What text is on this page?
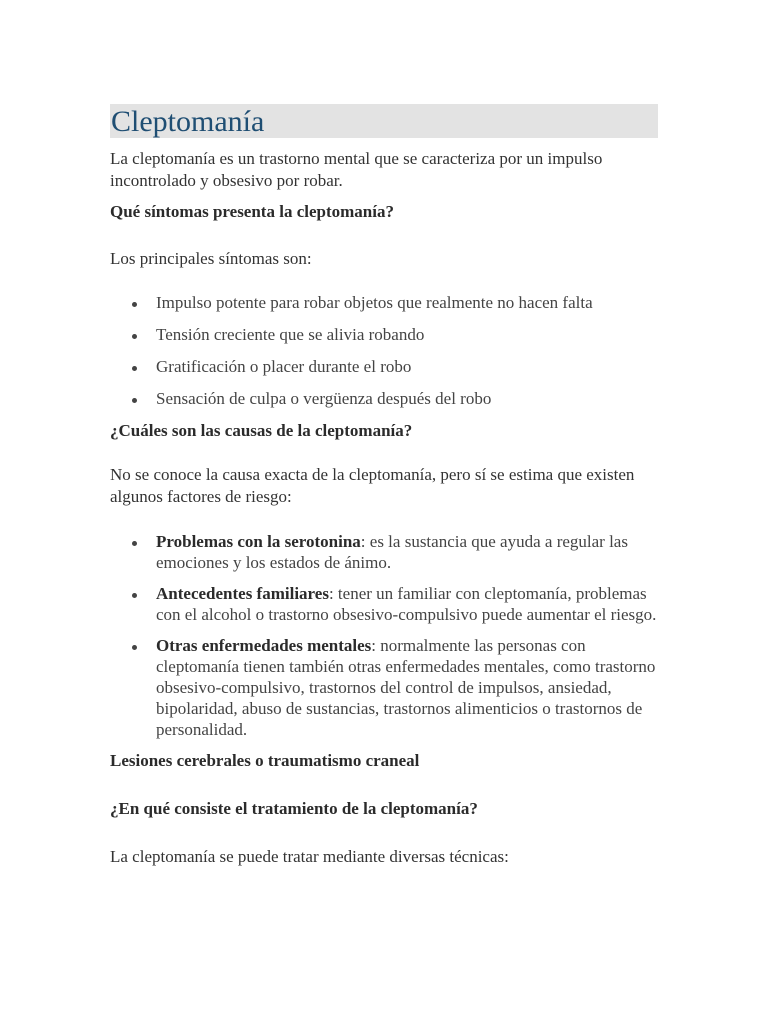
Cleptomanía

La cleptomanía es un trastorno mental que se caracteriza por un impulso incontrolado y obsesivo por robar.

Qué síntomas presenta la cleptomanía?

Los principales síntomas son:

Impulso potente para robar objetos que realmente no hacen falta
Tensión creciente que se alivia robando
Gratificación o placer durante el robo
Sensación de culpa o vergüenza después del robo
¿Cuáles son las causas de la cleptomanía?

No se conoce la causa exacta de la cleptomanía, pero sí se estima que existen algunos factores de riesgo:

Problemas con la serotonina: es la sustancia que ayuda a regular las emociones y los estados de ánimo.
Antecedentes familiares: tener un familiar con cleptomanía, problemas con el alcohol o trastorno obsesivo-compulsivo puede aumentar el riesgo.
Otras enfermedades mentales: normalmente las personas con cleptomanía tienen también otras enfermedades mentales, como trastorno obsesivo-compulsivo, trastornos del control de impulsos, ansiedad, bipolaridad, abuso de sustancias, trastornos alimenticios o trastornos de personalidad.
Lesiones cerebrales o traumatismo craneal
¿En qué consiste el tratamiento de la cleptomanía?

La cleptomanía se puede tratar mediante diversas técnicas:
